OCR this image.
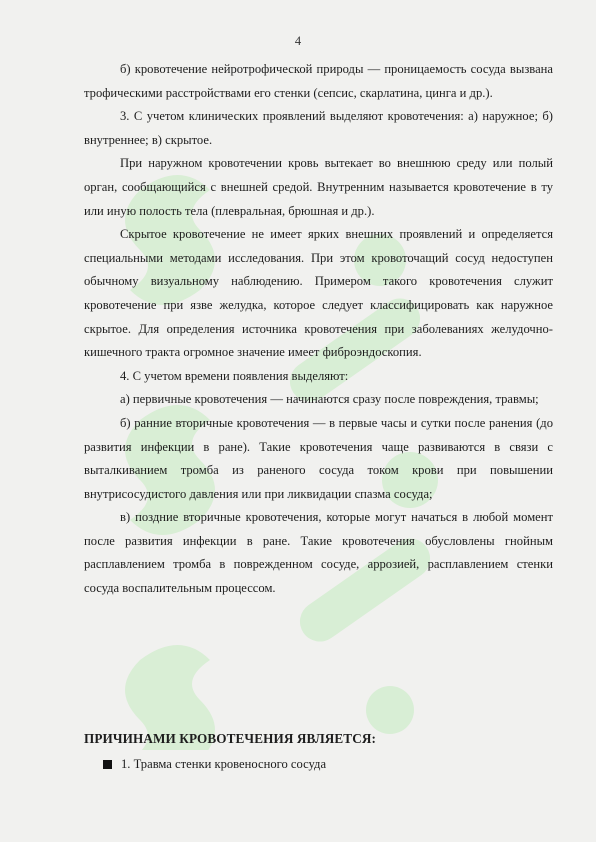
4

б) кровотечение нейротрофической природы — проницаемость сосуда вызвана трофическими расстройствами его стенки (сепсис, скарлатина, цинга и др.).

3. С учетом клинических проявлений выделяют кровотечения: а) наружное; б) внутреннее; в) скрытое.

При наружном кровотечении кровь вытекает во внешнюю среду или полый орган, сообщающийся с внешней средой. Внутренним называется кровотечение в ту или иную полость тела (плевральная, брюшная и др.).

Скрытое кровотечение не имеет ярких внешних проявлений и определяется специальными методами исследования. При этом кровоточащий сосуд недоступен обычному визуальному наблюдению. Примером такого кровотечения служит кровотечение при язве желудка, которое следует классифицировать как наружное скрытое. Для определения источника кровотечения при заболеваниях желудочно-кишечного тракта огромное значение имеет фиброэндоскопия.

4. С учетом времени появления выделяют:

а) первичные кровотечения — начинаются сразу после повреждения, травмы;

б) ранние вторичные кровотечения — в первые часы и сутки после ранения (до развития инфекции в ране). Такие кровотечения чаще развиваются в связи с выталкиванием тромба из раненого сосуда током крови при повышении внутрисосудистого давления или при ликвидации спазма сосуда;

в) поздние вторичные кровотечения, которые могут начаться в любой момент после развития инфекции в ране. Такие кровотечения обусловлены гнойным расплавлением тромба в поврежденном сосуде, аррозией, расплавлением стенки сосуда воспалительным процессом.

ПРИЧИНАМИ КРОВОТЕЧЕНИЯ ЯВЛЯЕТСЯ:
1. Травма стенки кровеносного сосуда
